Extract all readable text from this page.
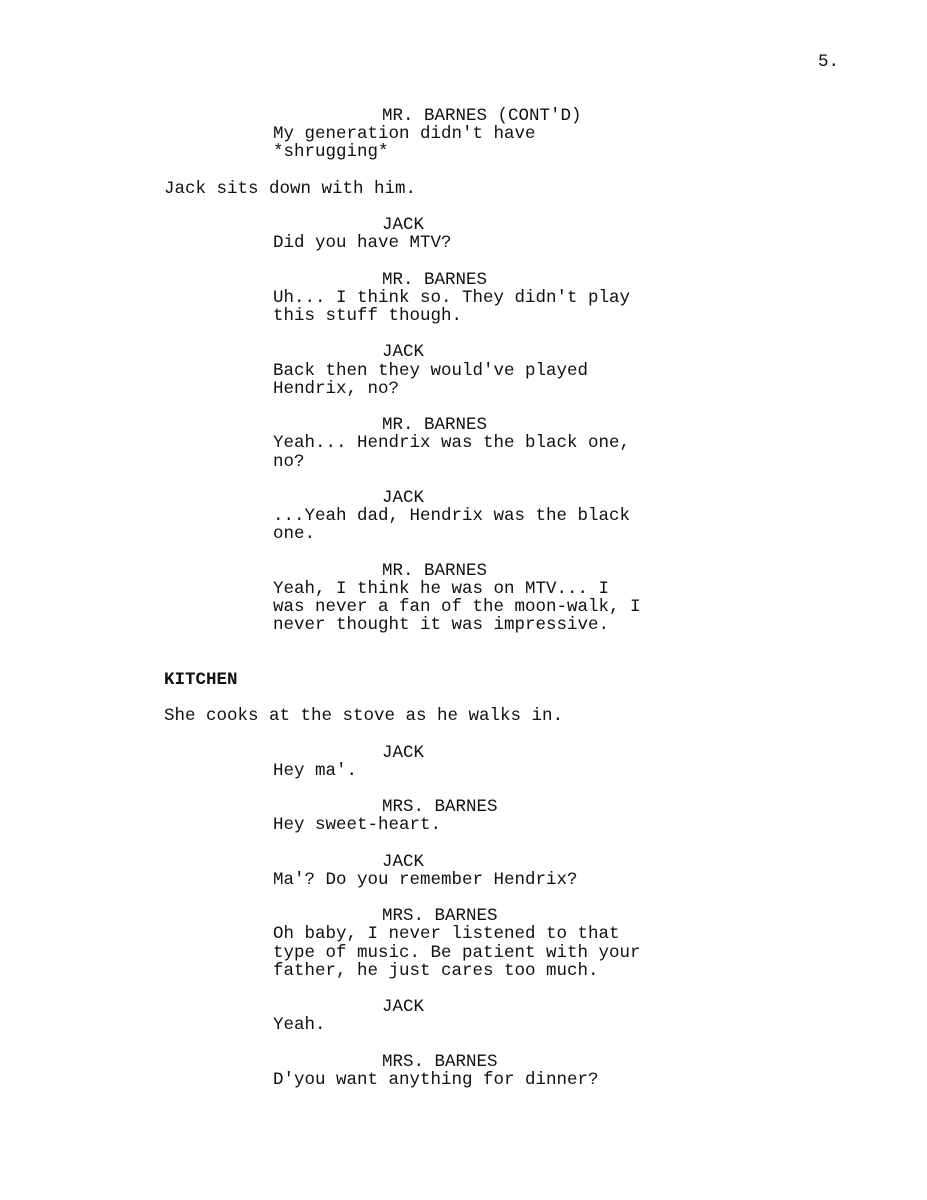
5.
MR. BARNES (CONT'D)
My generation didn't have
*shrugging*
Jack sits down with him.
JACK
Did you have MTV?
MR. BARNES
Uh... I think so. They didn't play
this stuff though.
JACK
Back then they would've played
Hendrix, no?
MR. BARNES
Yeah... Hendrix was the black one,
no?
JACK
...Yeah dad, Hendrix was the black
one.
MR. BARNES
Yeah, I think he was on MTV... I
was never a fan of the moon-walk, I
never thought it was impressive.
KITCHEN
She cooks at the stove as he walks in.
JACK
Hey ma'.
MRS. BARNES
Hey sweet-heart.
JACK
Ma'? Do you remember Hendrix?
MRS. BARNES
Oh baby, I never listened to that
type of music. Be patient with your
father, he just cares too much.
JACK
Yeah.
MRS. BARNES
D'you want anything for dinner?
